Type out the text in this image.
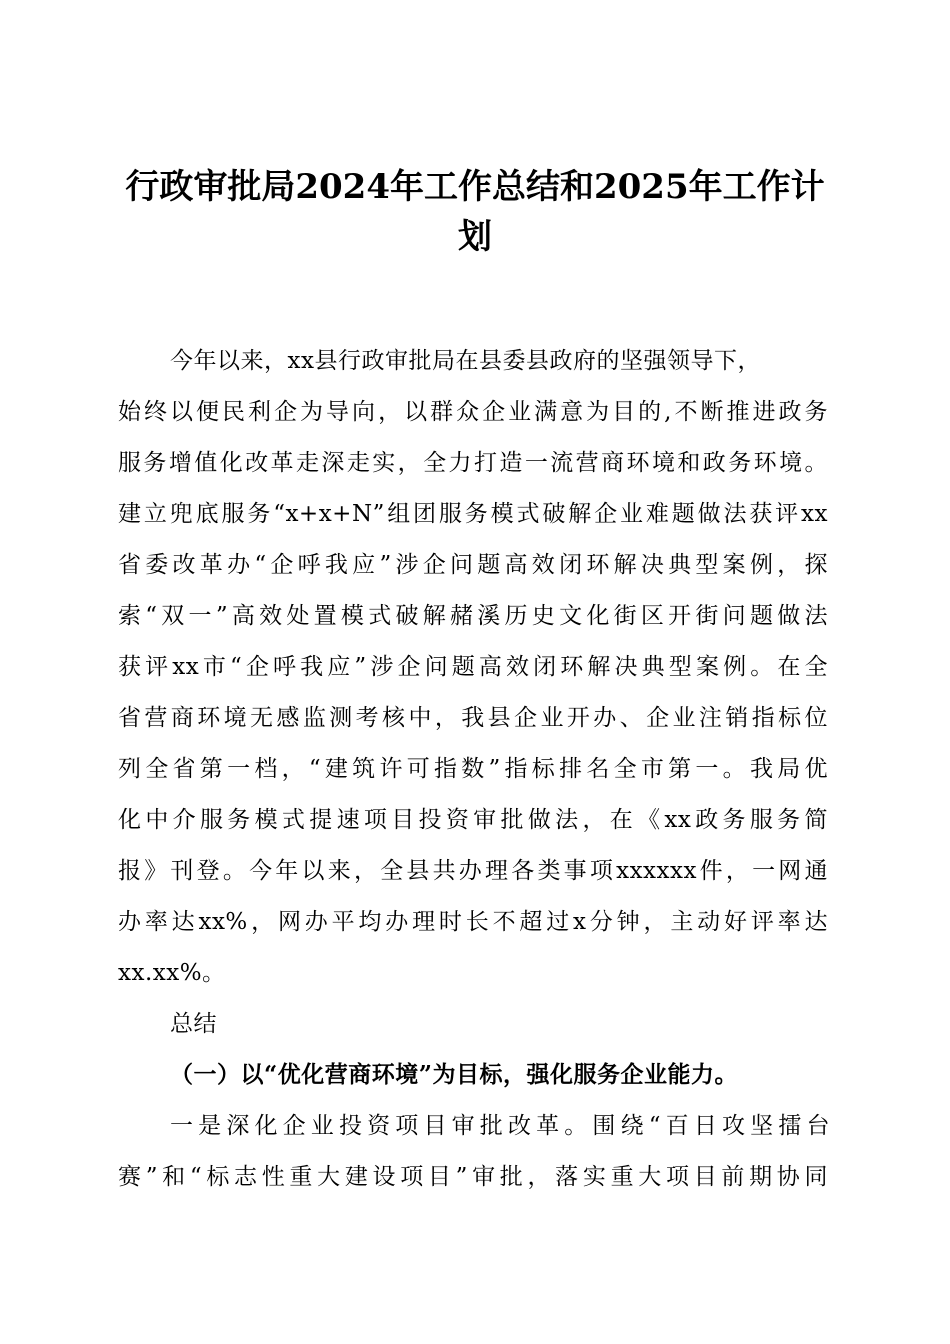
行政审批局2024年工作总结和2025年工作计
划

今年以来，xx县行政审批局在县委县政府的坚强领导下，

始终以便民利企为导向，以群众企业满意为目的,不断推进政务

服务增值化改革走深走实，全力打造一流营商环境和政务环境。

建立兜底服务“x+x+N”组团服务模式破解企业难题做法获评xx

省委改革办“企呼我应”涉企问题高效闭环解决典型案例，探

索“双一”高效处置模式破解赭溪历史文化街区开街问题做法

获评xx市“企呼我应”涉企问题高效闭环解决典型案例。在全

省营商环境无感监测考核中，我县企业开办、企业注销指标位

列全省第一档，“建筑许可指数”指标排名全市第一。我局优

化中介服务模式提速项目投资审批做法，在《xx政务服务简

报》刊登。今年以来，全县共办理各类事项xxxxxx件，一网通

办率达xx%，网办平均办理时长不超过x分钟，主动好评率达

xx.xx%。

总结

（一）以“优化营商环境”为目标，强化服务企业能力。

一是深化企业投资项目审批改革。围绕“百日攻坚擂台

赛”和“标志性重大建设项目”审批，落实重大项目前期协同
